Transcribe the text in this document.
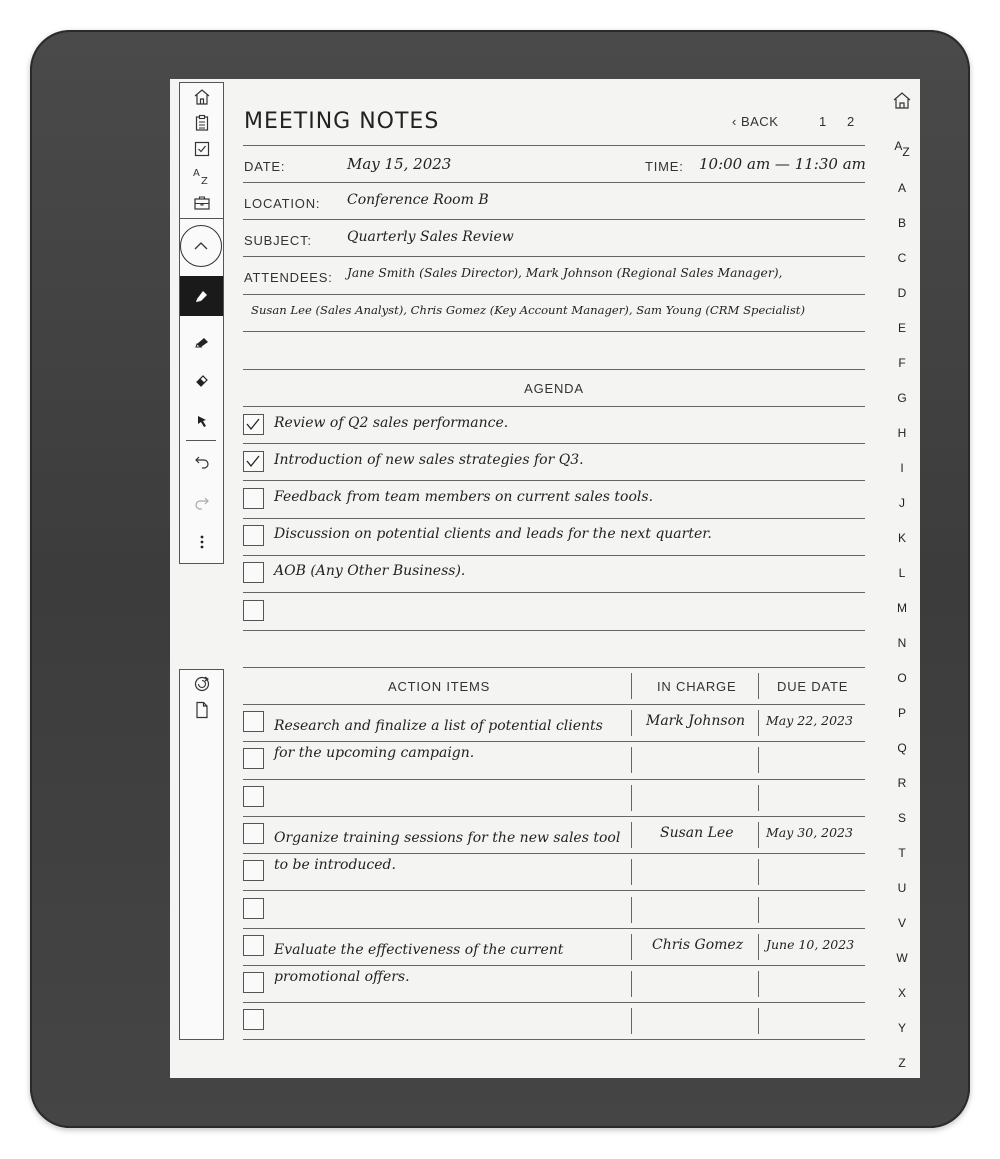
A
Z
MEETING NOTES	‹ BACK	1 2
DATE:	May 15, 2023	TIME: 10:00 am — 11:30 am
LOCATION: Conference Room B
SUBJECT:	Quarterly Sales Review
ATTENDEES: Jane Smith (Sales Director), Mark Johnson (Regional Sales Manager),
Susan Lee (Sales Analyst), Chris Gomez (Key Account Manager), Sam Young (CRM Specialist)
AGENDA
Review of Q2 sales performance.
Introduction of new sales strategies for Q3.
Feedback from team members on current sales tools.
Discussion on potential clients and leads for the next quarter.
AOB (Any Other Business).
ACTION ITEMS	IN CHARGE	DUE DATE
Research and finalize a list of potential clients	Mark Johnson May 22, 2023
for the upcoming campaign.
Organize training sessions for the new sales tool	Susan Lee	May 30, 2023
to be introduced.
Evaluate the effectiveness of the current	Chris Gomez June 10, 2023
promotional offers.
AZ
A
B
C
D
E
F
G
H
I
J
K
L
M
N
O
P
Q
R
S
T
U
V
W
X
Y
Z
